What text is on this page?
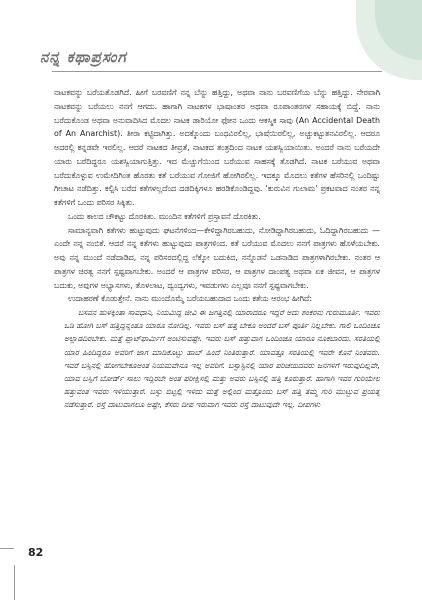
ನನ್ನ ಕಥಾಪ್ರಸಂಗ

ನಾಟಕವನ್ನು ಬರೆಯತೊಡಗಿದೆ. ಹೀಗೆ ಬರವಣಿಗೆ ನನ್ನ ಬೆನ್ನು ಹತ್ತಿದ್ದು, ಅಥವಾ ನಾನು ಬರವಣಿಗೆಯ ಬೆನ್ನು ಹತ್ತಿದ್ದು. ನೇರವಾಗಿ ನಾಟಕವನ್ನು ಬರೆಯಲು ನನಗೆ ಆಗದು. ಹಾಗಾಗಿ ನಾಟಕಗಳ ಭಾಷಾಂತರ ಅಥವಾ ರೂಪಾಂತರಗಳ ಸಹಾಯಕ್ಕೆ ಬಿದ್ದೆ. ನಾನು ಬರೆದುಕೊಂಡ ಅಥವಾ ಅನುವಾದಿಸಿದ ಮೊದಲ ನಾಟಕ ಡಾರಿಯೋ ಫೋನ ಒಂದು ಆಕಸ್ಮಿಕ ಸಾವು (An Accidental Death of An Anarchist). ತೀರಾ ಕಟ್ಟಿದಾಗಿತ್ತು. ಅದಕ್ಕೊಂದು ಬಂಧವಿರಲಿಲ್ಲ, ಭಾಷೆಯಿರಲಿಲ್ಲ, ಅಚ್ಚುಕಟ್ಟುತನವಿರಲಿಲ್ಲ. ಆದರೂ ಅದರಲ್ಲಿ ಕನ್ನಡವೇ ಇರಲಿಲ್ಲ. ಆದರೆ ನಾಟಕದ ತೀವ್ರತೆ, ನಾಟಕದ ತಂತ್ರದಿಂದ ನಾಟಕ ಯಶಸ್ವಿಯಾಯಿತು. ಅಂದರೆ ನಾನು ಬರೆಯದೇ ಯಾರು ಬರೆದಿದ್ದರೂ ಯಶಸ್ವಿಯಾಗುತ್ತಿತ್ತು. ಇದ ಮೆಚ್ಚುಗೆಯಿಂದ ಬರೆಯುವ ಸಾಹಸಕ್ಕೆ ತೊಡಗಿದೆ. ನಾಟಕ ಬರೆಯುವ ಅಥವಾ ಬರೆದುಕೊಳ್ಳುವ ಉಮೇದಿಗಿಂತ ಹೊರತು ಕತೆ ಬರೆಯುವ ಗೋಜಿಗೆ ಹೋಗಿರಲಿಲ್ಲ. ಇದಕ್ಕೂ ಮೊದಲು ಕತೆಗಳ ಹೆಸರಿನಲ್ಲಿ ಒಂದಿಷ್ಟು ಗೀಚಾಟ ನಡೆದಿತ್ತು. ಕಲ್ಪಿಸಿ ಬರೆದ ಕತೆಗಳಲ್ಲದೆಂದ ದಡದಿಕ್ಕಿಗಳೂ ಹರಡಿಕೊಂಡಿದ್ದವು. 'ಕುರುವಿನ ಗುಲಾಮ' ಪ್ರಕಟವಾದ ನಂತರ ನನ್ನ ಕತೆಗಳಿಗೆ ಒಂದು ಪರಿಸರ ಸಿಕ್ಕಿತು.

ಒಂದು ಕಾಲದ ಚೌಕಟ್ಟು ದೊರಕಿತು. ಮುಂದಿನ ಕತೆಗಳಿಗೆ ಪ್ರಸ್ತಾವನೆ ದೊರಕಿತು.

ಸಾಮಾನ್ಯವಾಗಿ ಕತೆಗಳು ಹುಟ್ಟುವುದು ಘಟನೆಗಳಿಂದ—ಕೇಳಿದ್ದಾಗಿರಬಹುದು, ನೋಡಿದ್ದಾಗಿರಬಹುದು, ಓದಿದ್ದಾಗಿರಬಹುದು — ಎಂದೇ ನನ್ನ ನಂಬಿಕೆ. ಆದರೆ ನನ್ನ ಕತೆಗಳು ಹುಟ್ಟುವುದು ಪಾತ್ರಗಳಿಂದ. ಕತೆ ಬರೆಯುವ ಮೊದಲು ನನಗೆ ಪಾತ್ರಗಳು ಹೊಳೆಯಬೇಕು. ಅವು ನನ್ನ ಮುಂದೆ ನಡೆದಾಡಿದ, ನನ್ನ ಪರಿಸರದಲ್ಲಿದ್ದ ಲೆಕ್ಕೋ ಬದುಕಿದ, ನನ್ನೊಡನೆ ಒಡನಾಡಿದ ಪಾತ್ರಗಳಾಗಿರಬೇಕು. ನಂತರ ಆ ಪಾತ್ರಗಳ ಚಿರತ್ವ ನನಗೆ ಸ್ಪಷ್ಟವಾಗಬೇಕು. ಅಂದರೆ ಆ ಪಾತ್ರಗಳ ಪರಿಸರ, ಆ ಪಾತ್ರಗಳ ದಾಂಪತ್ಯ ಅಥವಾ ಏಕ ಜೀವನ, ಆ ಪಾತ್ರಗಳ ಬದುಕು, ಅವುಗಳ ಅಭ್ಯಾಸಗಳು, ತೊಳಲಾಟ, ದ್ವಂದ್ವಗಳು, ಇವಡುಗಳು ಎಲ್ಲವೂ ನನಗೆ ಸ್ಪಷ್ಟವಾಗಬೇಕು.

ಉದಾಹರಣೆ ಕೊಡುತ್ತೇನೆ. ನಾನು ಮುಂದೊಮ್ಮೆ ಬರೆಯಬಹುದಾದ ಒಂದು ಕತೆಯ ಆರಂಭ ಹೀಗಿದೆ:

ಬಸವನ ಹುಳಕ್ಕಿಂತಾ ಸಾವಧಾನಿ, ನಿಯಮಿದ್ದ ಜೀವಿ ಈ ಜಗತ್ತಿನಲ್ಲಿ ಯಾರಾದರೂ ಇದ್ದರೆ ಅದು ಶಂಕರನು ಗುರುಮೂರ್ತಿ. ಇವರು ಒಡಿ ಹೋಗಿ ಬಸ್ ಹತ್ತಿದ್ದನ್ನಂತೂ ಯಾರೂ ನೋಡಿಲ್ಲ. ಇವರು ಬಸ್ ಹತ್ತ ಬೇಕೂ ಅಂದರೆ ಬಸ್ ಪೂರ್ತಿ ನಿಲ್ಲಬೇಕು. ಗಾಲಿ ಒಂದಿಂಚೂ ಅಲ್ಲಾಡದಿರಬೇಕು. ಮತ್ತೆ ಪ್ಲಾಟ್‌ಫಾರ್ಮಿಗೆ ಅಂಟಿಸುವಷ್ಟೇ. ಇವರು ಬಸ್ ಹತ್ತುವಾಗ ಒಂದಿಂಚೂ ಯಾರೂ ನೂಕಬಾರದು. ಸರತಿಯಲ್ಲಿ ಯಾರ ಹಿಂದಿದ್ದರೂ ಅವರಿಗೆ ಜಾಗ ಮಾಡಿಕೊಟ್ಟು ಹಾಬ್ ಹಿಂದೆ ನಿಂತಿರುತ್ತಾರೆ. ಯಾವತ್ತೂ ಸರತಿಯಲ್ಲಿ ಇವರೇ ಕೊನೆ ನಿಂತವರು. ಇವರೆ ಬಸ್ಸಿನಲ್ಲಿ ಹೋಗಬೇಕೂಅಂತ ನಿಯಮವೇನೂ ಇಲ್ಲ ಅವರಿಗೆ. ಬಸ್ಸಾಸ್ಟಿನಲ್ಲಿ ಯಾರ ಪರಿಚಯದವರು ಜನಗಳಿಗೆ ಇರುವುದಿಲ್ಲವೇ, ಯಾವ ಬಸ್ಸಿಗೆ ಬೋರ್ಡ್ ಸಾಲು ಇದ್ದಿರಬೇ ಅಂತ ಪರೀಕ್ಷಿಸಲ್ಲಿ ಮತ್ತು ಅವರು ಬಸ್ಸಿನಲ್ಲಿ ಹತ್ತಿ ಕೂರುತ್ತಾರೆ. ಹಾಗಾಗಿ ಇವರ ಗುರಿಯೇಲ ಹತ್ತುವಂತ ಇವರು ಇಳಿಯುತ್ತಾರೆ. ಬಸ್ಸು ಬಿಟ್ಟಲ್ಲಿ ಇಳಿದು ಮತ್ತೆ ಅಲ್ಲಿಂದ ಮತ್ತೊಂದು ಬಸ್ ಹತ್ತಿ ತಮ್ಮ ಗುರಿ ಮುಟ್ಟುವ ಪ್ರಯತ್ನ ನಡೆಸುತ್ತಾರೆ. ರಸ್ತೆ ದಾಟುವಾಗಲೂ ಅಷ್ಟೇ, ಕೆಸರು ದೀಪ ಇರುವಾಗ ಇವರು ರಸ್ತೆ ದಾಟುವುದೇ ಇಲ್ಲ. ದೀಪಗಳು

82
